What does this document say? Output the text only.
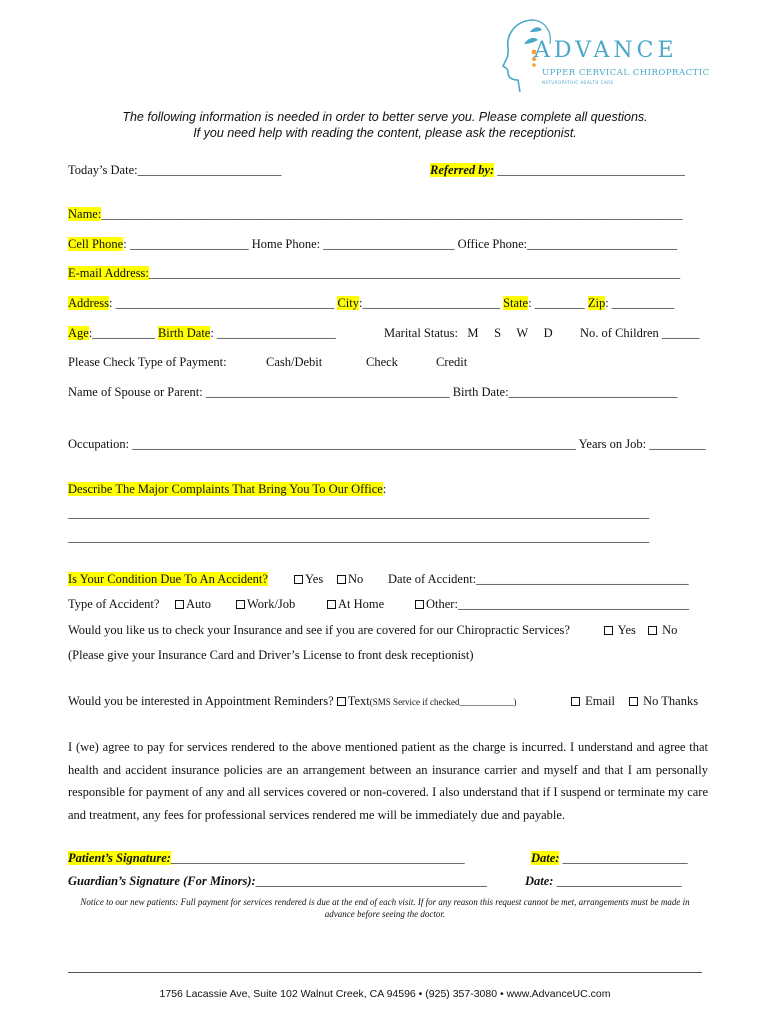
ADVANCE
UPPER CERVICAL CHIROPRACTIC
NATUROPATHIC HEALTH CARE
The following information is needed in order to better serve you. Please complete all questions.
If you need help with reading the content, please ask the receptionist.
Today’s Date:_______________________	Referred by: ______________________________
Name:_____________________________________________________________________________________________
Cell Phone: ___________________ Home Phone: _____________________ Office Phone:________________________
E-mail Address:_____________________________________________________________________________________
Address: ___________________________________ City:______________________ State: ________ Zip: __________
Age:__________ Birth Date: ___________________	Marital Status:   M     S     W     D No. of Children ______
Please Check Type of Payment:	Cash/Debit	Check	Credit
Name of Spouse or Parent: _______________________________________ Birth Date:___________________________
Occupation: _______________________________________________________________________ Years on Job: _________
Describe The Major Complaints That Bring You To Our Office:
_____________________________________________________________________________________________
_____________________________________________________________________________________________
Is Your Condition Due To An Accident?	Yes	No Date of Accident:__________________________________
Type of Accident?	Auto	Work/Job	At Home	Other:_____________________________________
Would you like us to check your Insurance and see if you are covered for our Chiropractic Services?	Yes	No
(Please give your Insurance Card and Driver’s License to front desk receptionist)
Would you be interested in Appointment Reminders? Text(SMS Service if checked____________)	Email	No Thanks
I (we) agree to pay for services rendered to the above mentioned patient as the charge is incurred. I understand and agree that health and accident insurance policies are an arrangement between an insurance carrier and myself and that I am personally responsible for payment of any and all services covered or non-covered. I also understand that if I suspend or terminate my care and treatment, any fees for professional services rendered me will be immediately due and payable.
Patient’s Signature:_______________________________________________	Date: ____________________
Guardian’s Signature (For Minors):_____________________________________	Date: ____________________
Notice to our new patients: Full payment for services rendered is due at the end of each visit. If for any reason this request cannot be met, arrangements must be made in advance before seeing the doctor.
1756 Lacassie Ave, Suite 102 Walnut Creek, CA 94596 • (925) 357-3080 • www.AdvanceUC.com
